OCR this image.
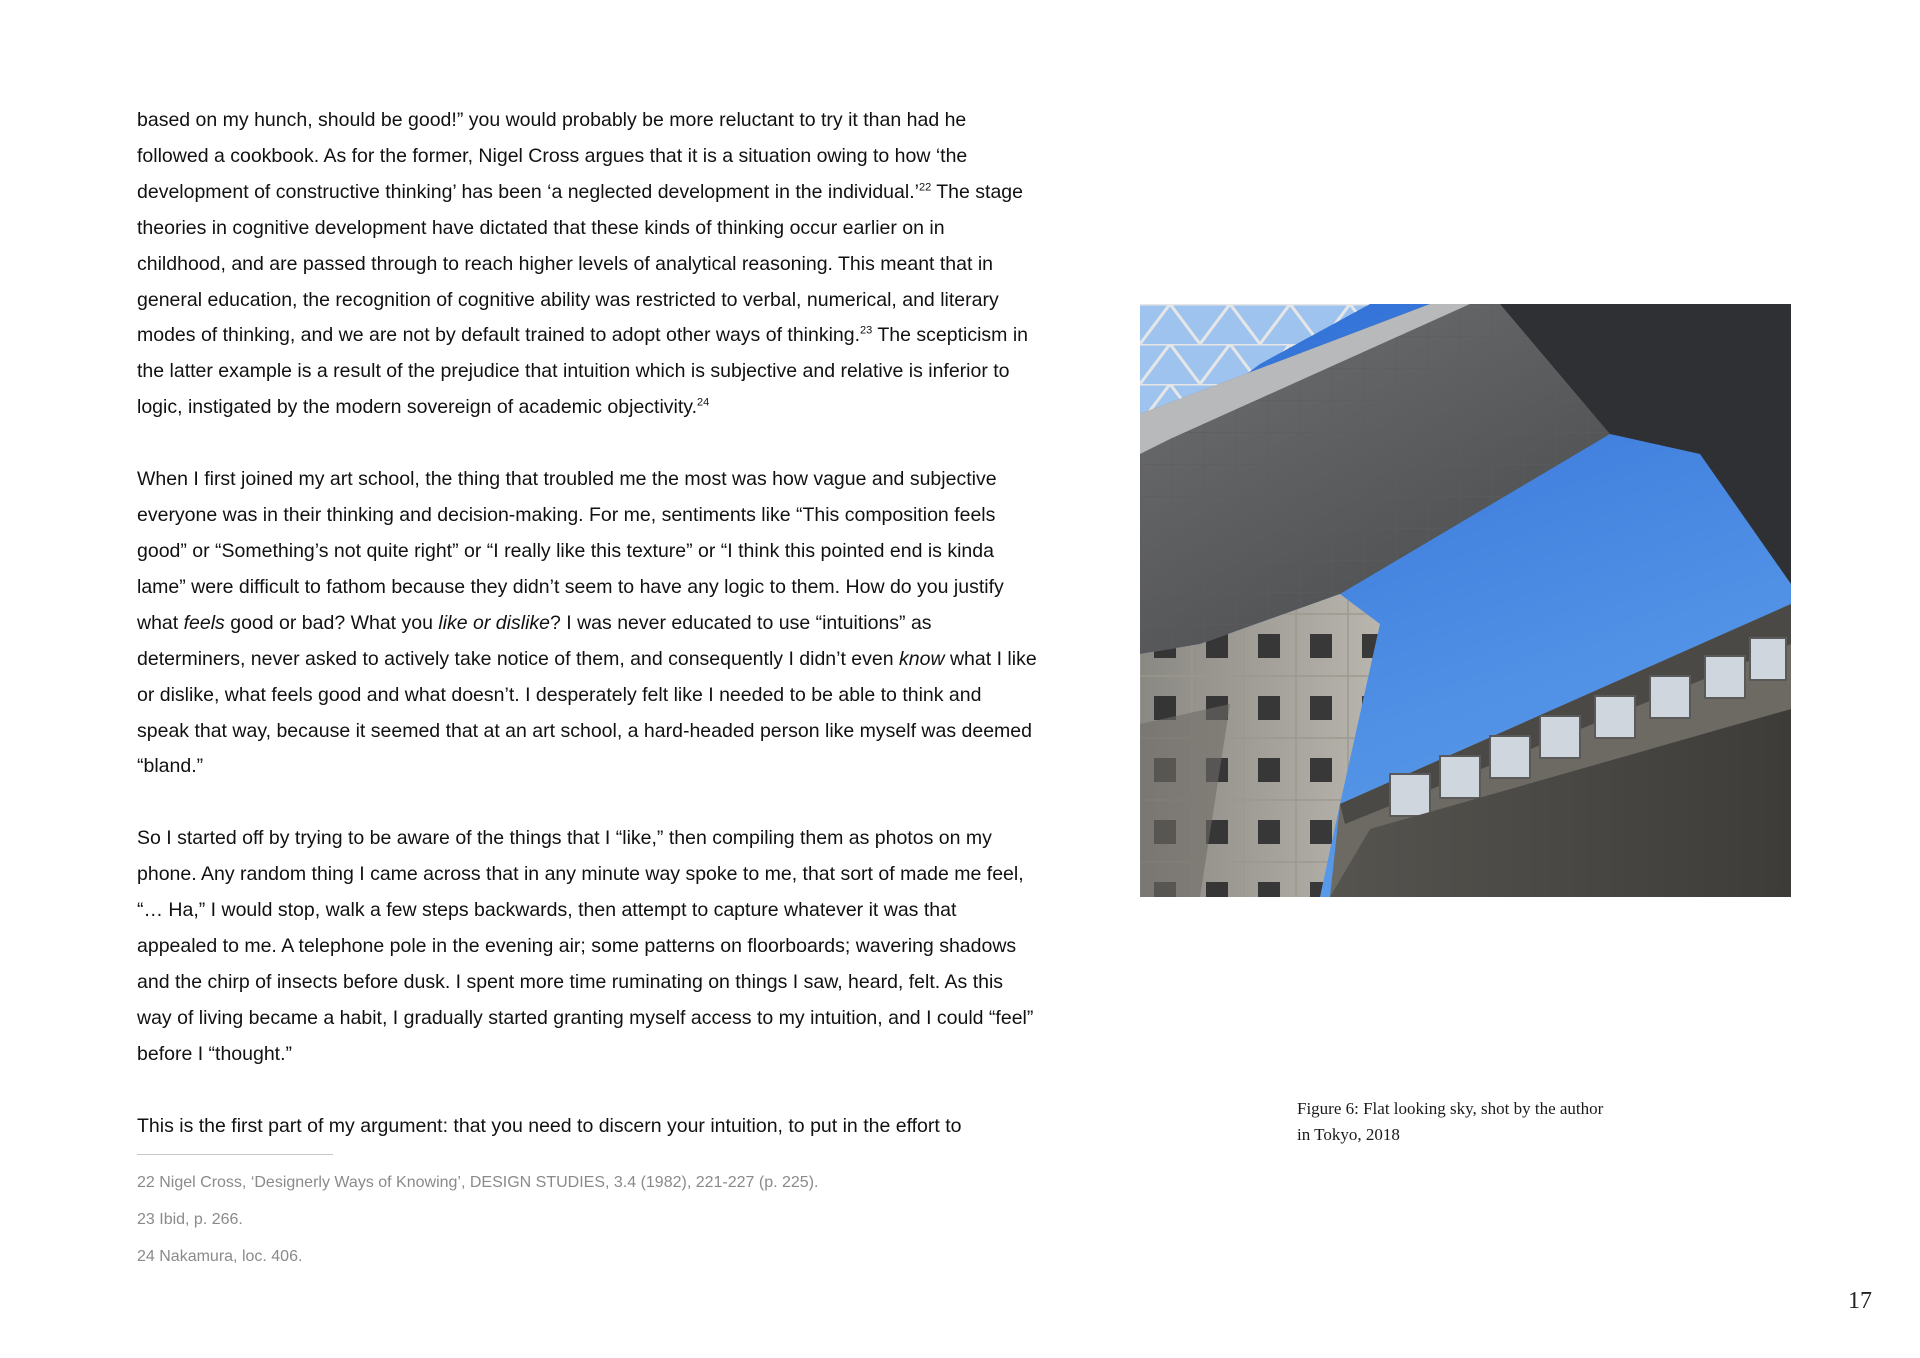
based on my hunch, should be good!” you would probably be more reluctant to try it than had he followed a cookbook. As for the former, Nigel Cross argues that it is a situation owing to how ‘the development of constructive thinking’ has been ‘a neglected development in the individual.’$^{22}$ The stage theories in cognitive development have dictated that these kinds of thinking occur earlier on in childhood, and are passed through to reach higher levels of analytical reasoning. This meant that in general education, the recognition of cognitive ability was restricted to verbal, numerical, and literary modes of thinking, and we are not by default trained to adopt other ways of thinking.$^{23}$ The scepticism in the latter example is a result of the prejudice that intuition which is subjective and relative is inferior to logic, instigated by the modern sovereign of academic objectivity.$^{24}$

When I first joined my art school, the thing that troubled me the most was how vague and subjective everyone was in their thinking and decision-making. For me, sentiments like “This composition feels good” or “Something’s not quite right” or “I really like this texture” or “I think this pointed end is kinda lame” were difficult to fathom because they didn’t seem to have any logic to them. How do you justify what feels good or bad? What you like or dislike? I was never educated to use “intuitions” as determiners, never asked to actively take notice of them, and consequently I didn’t even know what I like or dislike, what feels good and what doesn’t. I desperately felt like I needed to be able to think and speak that way, because it seemed that at an art school, a hard-headed person like myself was deemed “bland.”

So I started off by trying to be aware of the things that I “like,” then compiling them as photos on my phone. Any random thing I came across that in any minute way spoke to me, that sort of made me feel, “… Ha,” I would stop, walk a few steps backwards, then attempt to capture whatever it was that appealed to me. A telephone pole in the evening air; some patterns on floorboards; wavering shadows and the chirp of insects before dusk. I spent more time ruminating on things I saw, heard, felt. As this way of living became a habit, I gradually started granting myself access to my intuition, and I could “feel” before I “thought.”

This is the first part of my argument: that you need to discern your intuition, to put in the effort to

22 Nigel Cross, ‘Designerly Ways of Knowing’, DESIGN STUDIES, 3.4 (1982), 221-227 (p. 225).
23 Ibid, p. 266.
24 Nakamura, loc. 406.
Figure 6: Flat looking sky, shot by the author
in Tokyo, 2018
17
